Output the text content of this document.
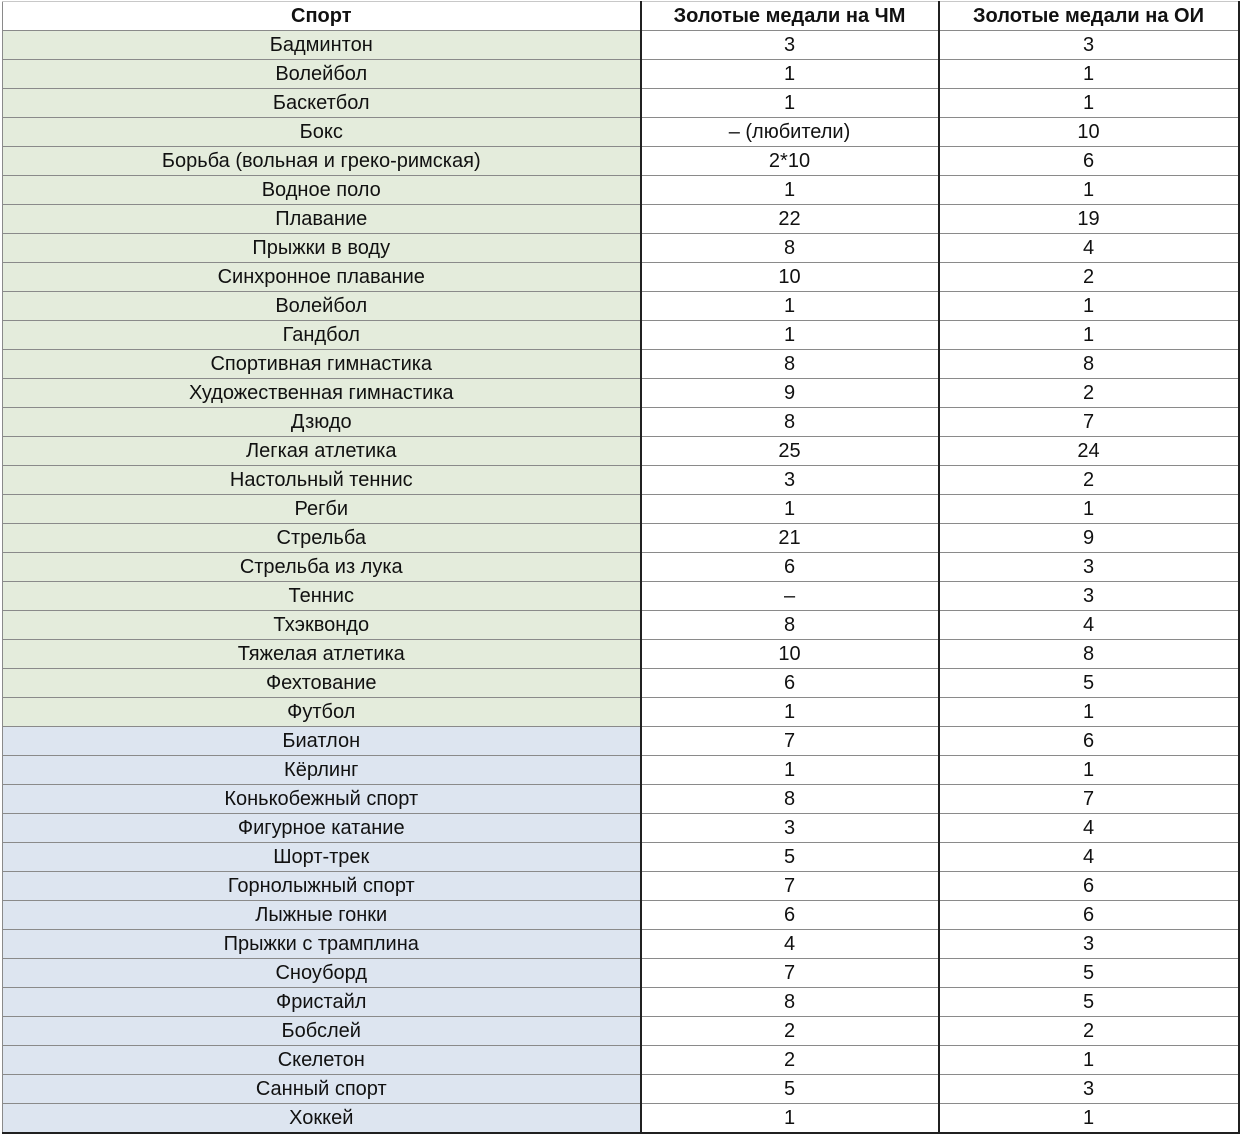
Спорт	Золотые медали на ЧМ	Золотые медали на ОИ
Бадминтон	3	3
Волейбол	1	1
Баскетбол	1	1
Бокс	– (любители)	10
Борьба (вольная и греко-римская)	2*10	6
Водное поло	1	1
Плавание	22	19
Прыжки в воду	8	4
Синхронное плавание	10	2
Волейбол	1	1
Гандбол	1	1
Спортивная гимнастика	8	8
Художественная гимнастика	9	2
Дзюдо	8	7
Легкая атлетика	25	24
Настольный теннис	3	2
Регби	1	1
Стрельба	21	9
Стрельба из лука	6	3
Теннис	–	3
Тхэквондо	8	4
Тяжелая атлетика	10	8
Фехтование	6	5
Футбол	1	1
Биатлон	7	6
Кёрлинг	1	1
Конькобежный спорт	8	7
Фигурное катание	3	4
Шорт-трек	5	4
Горнолыжный спорт	7	6
Лыжные гонки	6	6
Прыжки с трамплина	4	3
Сноуборд	7	5
Фристайл	8	5
Бобслей	2	2
Скелетон	2	1
Санный спорт	5	3
Хоккей	1	1
